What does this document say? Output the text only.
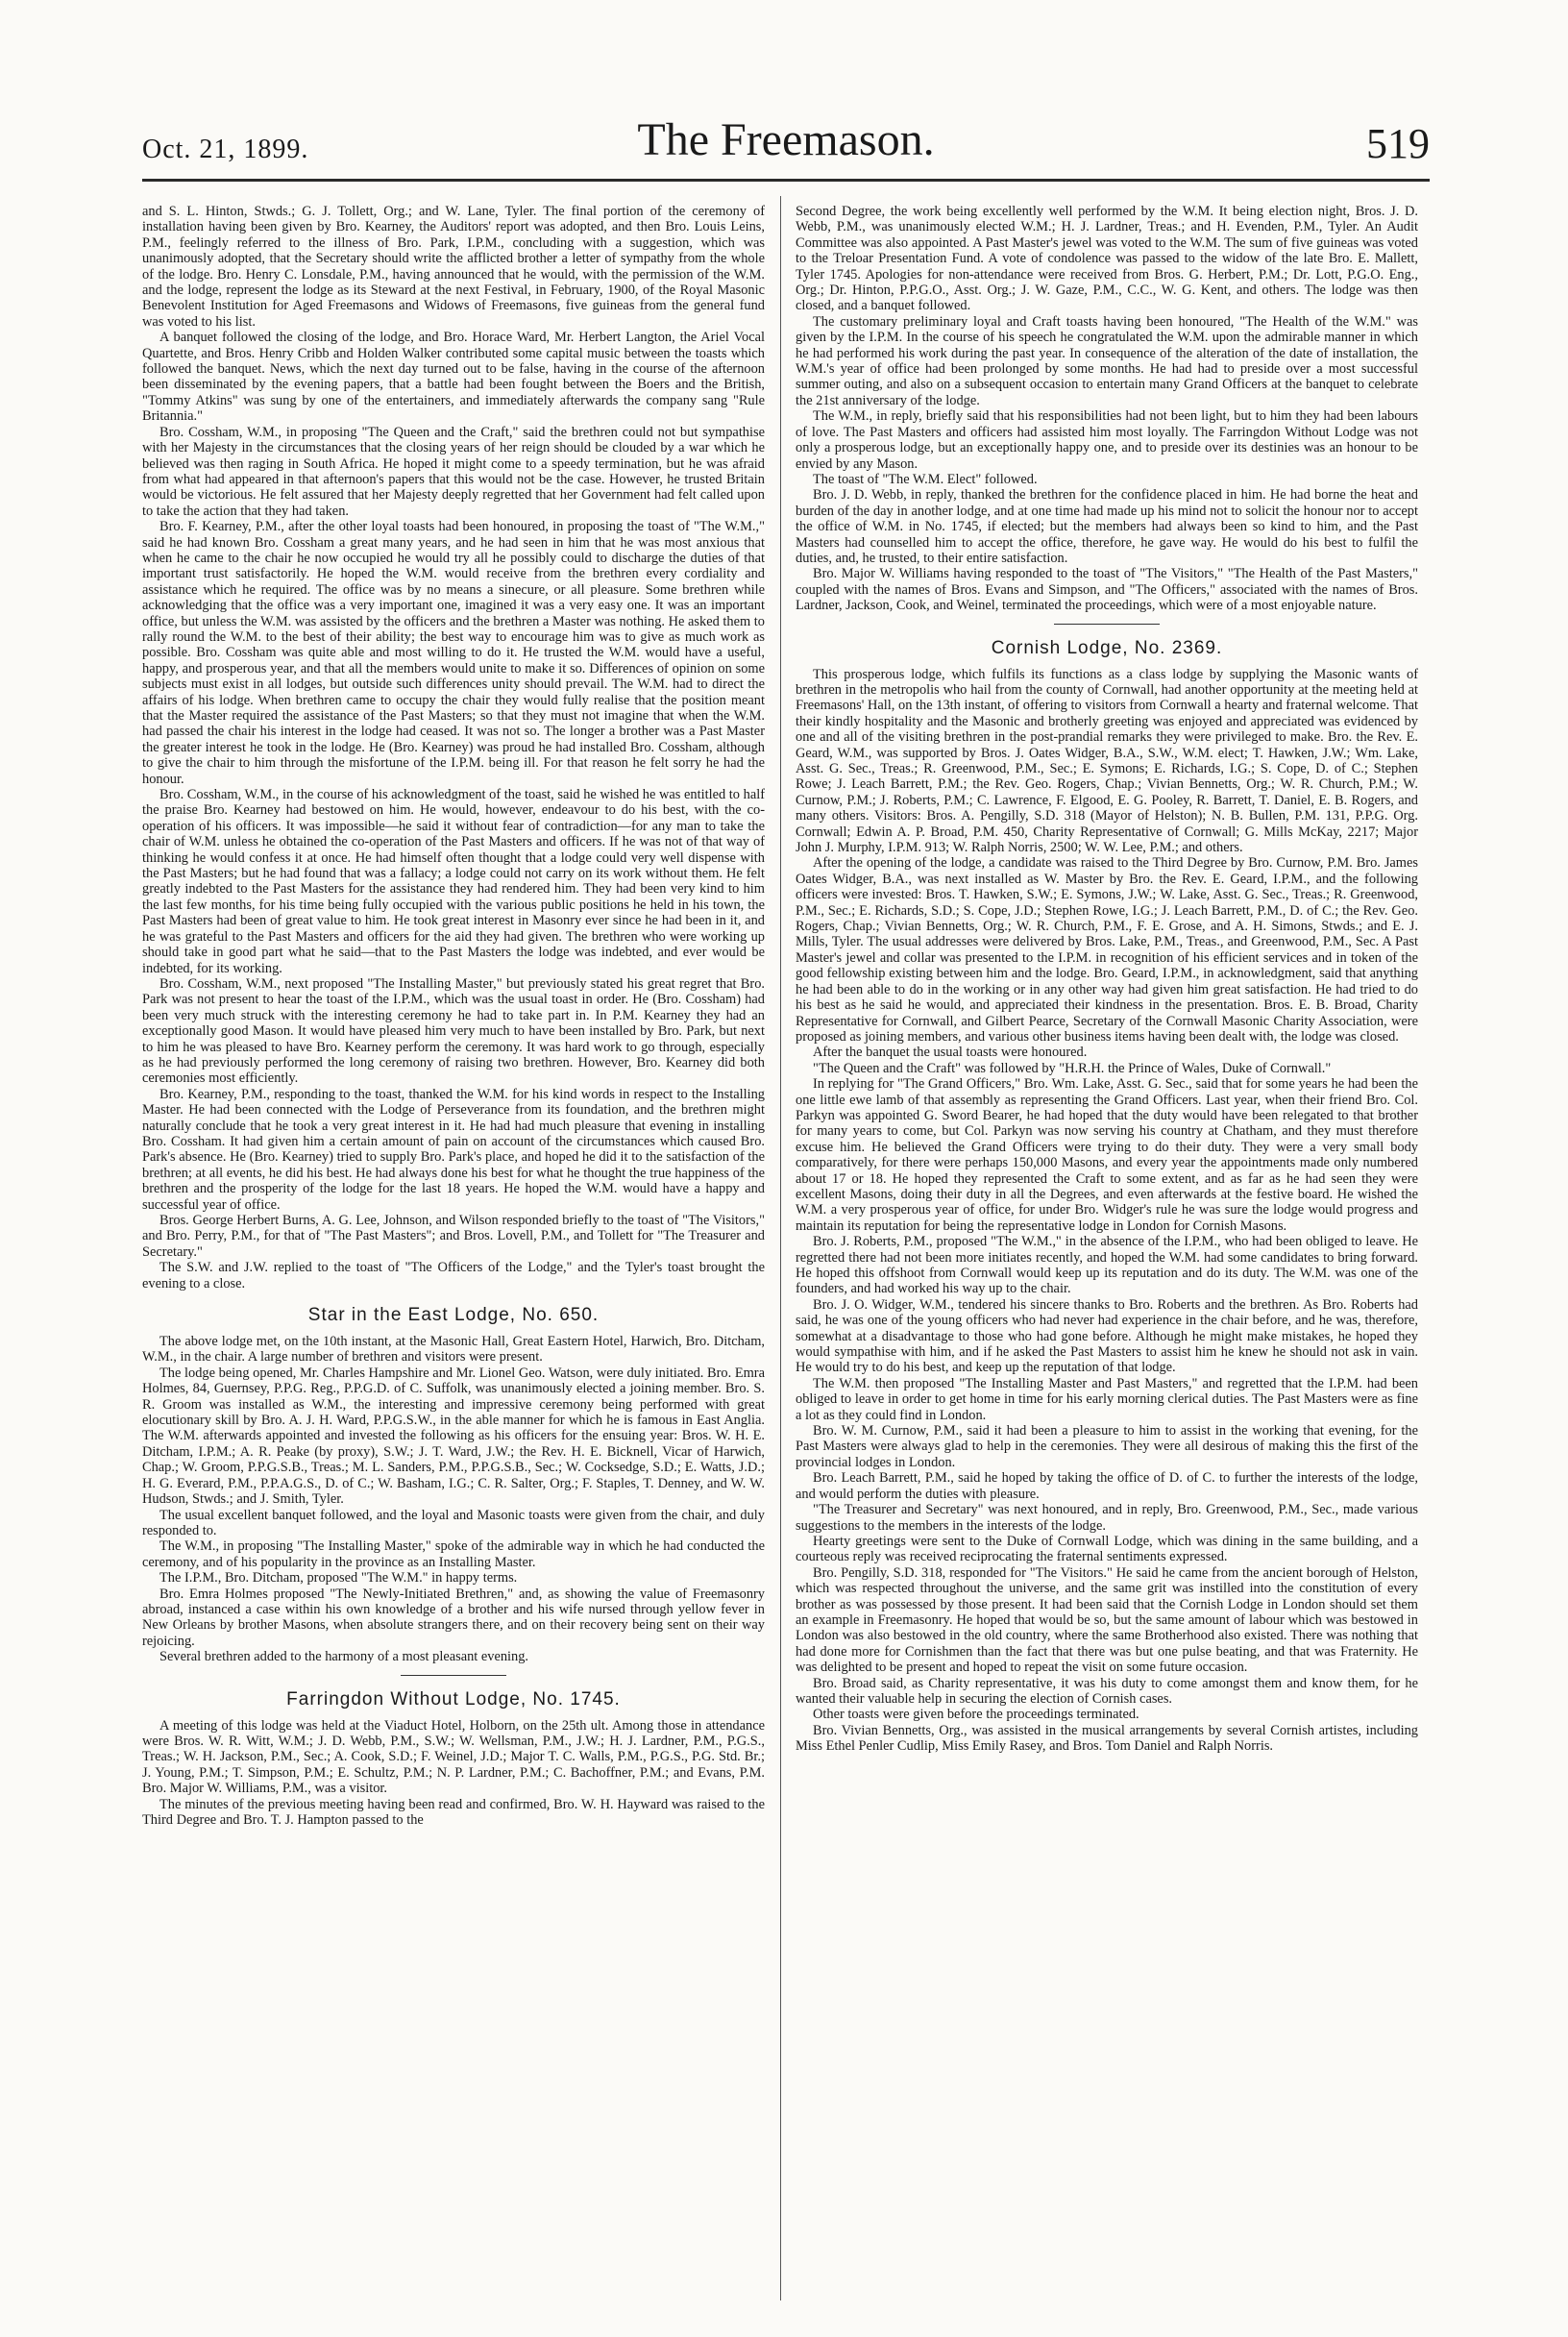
Oct. 21, 1899.	The Freemason.	519

and S. L. Hinton, Stwds.; G. J. Tollett, Org.; and W. Lane, Tyler. The final portion of the ceremony of installation having been given by Bro. Kearney, the Auditors' report was adopted, and then Bro. Louis Leins, P.M., feelingly referred to the illness of Bro. Park, I.P.M., concluding with a suggestion, which was unanimously adopted, that the Secretary should write the afflicted brother a letter of sympathy from the whole of the lodge. Bro. Henry C. Lonsdale, P.M., having announced that he would, with the permission of the W.M. and the lodge, represent the lodge as its Steward at the next Festival, in February, 1900, of the Royal Masonic Benevolent Institution for Aged Freemasons and Widows of Freemasons, five guineas from the general fund was voted to his list.

A banquet followed the closing of the lodge, and Bro. Horace Ward, Mr. Herbert Langton, the Ariel Vocal Quartette, and Bros. Henry Cribb and Holden Walker contributed some capital music between the toasts which followed the banquet. News, which the next day turned out to be false, having in the course of the afternoon been disseminated by the evening papers, that a battle had been fought between the Boers and the British, "Tommy Atkins" was sung by one of the entertainers, and immediately afterwards the company sang "Rule Britannia."

Bro. Cossham, W.M., in proposing "The Queen and the Craft," said the brethren could not but sympathise with her Majesty in the circumstances that the closing years of her reign should be clouded by a war which he believed was then raging in South Africa. He hoped it might come to a speedy termination, but he was afraid from what had appeared in that afternoon's papers that this would not be the case. However, he trusted Britain would be victorious. He felt assured that her Majesty deeply regretted that her Government had felt called upon to take the action that they had taken.

Bro. F. Kearney, P.M., after the other loyal toasts had been honoured, in proposing the toast of "The W.M.," said he had known Bro. Cossham a great many years, and he had seen in him that he was most anxious that when he came to the chair he now occupied he would try all he possibly could to discharge the duties of that important trust satisfactorily. He hoped the W.M. would receive from the brethren every cordiality and assistance which he required. The office was by no means a sinecure, or all pleasure. Some brethren while acknowledging that the office was a very important one, imagined it was a very easy one. It was an important office, but unless the W.M. was assisted by the officers and the brethren a Master was nothing. He asked them to rally round the W.M. to the best of their ability; the best way to encourage him was to give as much work as possible. Bro. Cossham was quite able and most willing to do it. He trusted the W.M. would have a useful, happy, and prosperous year, and that all the members would unite to make it so. Differences of opinion on some subjects must exist in all lodges, but outside such differences unity should prevail. The W.M. had to direct the affairs of his lodge. When brethren came to occupy the chair they would fully realise that the position meant that the Master required the assistance of the Past Masters; so that they must not imagine that when the W.M. had passed the chair his interest in the lodge had ceased. It was not so. The longer a brother was a Past Master the greater interest he took in the lodge. He (Bro. Kearney) was proud he had installed Bro. Cossham, although to give the chair to him through the misfortune of the I.P.M. being ill. For that reason he felt sorry he had the honour.

Bro. Cossham, W.M., in the course of his acknowledgment of the toast, said he wished he was entitled to half the praise Bro. Kearney had bestowed on him. He would, however, endeavour to do his best, with the co-operation of his officers. It was impossible—he said it without fear of contradiction—for any man to take the chair of W.M. unless he obtained the co-operation of the Past Masters and officers. If he was not of that way of thinking he would confess it at once. He had himself often thought that a lodge could very well dispense with the Past Masters; but he had found that was a fallacy; a lodge could not carry on its work without them. He felt greatly indebted to the Past Masters for the assistance they had rendered him. They had been very kind to him the last few months, for his time being fully occupied with the various public positions he held in his town, the Past Masters had been of great value to him. He took great interest in Masonry ever since he had been in it, and he was grateful to the Past Masters and officers for the aid they had given. The brethren who were working up should take in good part what he said—that to the Past Masters the lodge was indebted, and ever would be indebted, for its working.

Bro. Cossham, W.M., next proposed "The Installing Master," but previously stated his great regret that Bro. Park was not present to hear the toast of the I.P.M., which was the usual toast in order. He (Bro. Cossham) had been very much struck with the interesting ceremony he had to take part in. In P.M. Kearney they had an exceptionally good Mason. It would have pleased him very much to have been installed by Bro. Park, but next to him he was pleased to have Bro. Kearney perform the ceremony. It was hard work to go through, especially as he had previously performed the long ceremony of raising two brethren. However, Bro. Kearney did both ceremonies most efficiently.

Bro. Kearney, P.M., responding to the toast, thanked the W.M. for his kind words in respect to the Installing Master. He had been connected with the Lodge of Perseverance from its foundation, and the brethren might naturally conclude that he took a very great interest in it. He had had much pleasure that evening in installing Bro. Cossham. It had given him a certain amount of pain on account of the circumstances which caused Bro. Park's absence. He (Bro. Kearney) tried to supply Bro. Park's place, and hoped he did it to the satisfaction of the brethren; at all events, he did his best. He had always done his best for what he thought the true happiness of the brethren and the prosperity of the lodge for the last 18 years. He hoped the W.M. would have a happy and successful year of office.

Bros. George Herbert Burns, A. G. Lee, Johnson, and Wilson responded briefly to the toast of "The Visitors," and Bro. Perry, P.M., for that of "The Past Masters"; and Bros. Lovell, P.M., and Tollett for "The Treasurer and Secretary."

The S.W. and J.W. replied to the toast of "The Officers of the Lodge," and the Tyler's toast brought the evening to a close.

Star in the East Lodge, No. 650.

The above lodge met, on the 10th instant, at the Masonic Hall, Great Eastern Hotel, Harwich, Bro. Ditcham, W.M., in the chair. A large number of brethren and visitors were present.

The lodge being opened, Mr. Charles Hampshire and Mr. Lionel Geo. Watson, were duly initiated. Bro. Emra Holmes, 84, Guernsey, P.P.G. Reg., P.P.G.D. of C. Suffolk, was unanimously elected a joining member. Bro. S. R. Groom was installed as W.M., the interesting and impressive ceremony being performed with great elocutionary skill by Bro. A. J. H. Ward, P.P.G.S.W., in the able manner for which he is famous in East Anglia. The W.M. afterwards appointed and invested the following as his officers for the ensuing year: Bros. W. H. E. Ditcham, I.P.M.; A. R. Peake (by proxy), S.W.; J. T. Ward, J.W.; the Rev. H. E. Bicknell, Vicar of Harwich, Chap.; W. Groom, P.P.G.S.B., Treas.; M. L. Sanders, P.M., P.P.G.S.B., Sec.; W. Cocksedge, S.D.; E. Watts, J.D.; H. G. Everard, P.M., P.P.A.G.S., D. of C.; W. Basham, I.G.; C. R. Salter, Org.; F. Staples, T. Denney, and W. W. Hudson, Stwds.; and J. Smith, Tyler.

The usual excellent banquet followed, and the loyal and Masonic toasts were given from the chair, and duly responded to.

The W.M., in proposing "The Installing Master," spoke of the admirable way in which he had conducted the ceremony, and of his popularity in the province as an Installing Master.

The I.P.M., Bro. Ditcham, proposed "The W.M." in happy terms.

Bro. Emra Holmes proposed "The Newly-Initiated Brethren," and, as showing the value of Freemasonry abroad, instanced a case within his own knowledge of a brother and his wife nursed through yellow fever in New Orleans by brother Masons, when absolute strangers there, and on their recovery being sent on their way rejoicing.

Several brethren added to the harmony of a most pleasant evening.

Farringdon Without Lodge, No. 1745.

A meeting of this lodge was held at the Viaduct Hotel, Holborn, on the 25th ult. Among those in attendance were Bros. W. R. Witt, W.M.; J. D. Webb, P.M., S.W.; W. Wellsman, P.M., J.W.; H. J. Lardner, P.M., P.G.S., Treas.; W. H. Jackson, P.M., Sec.; A. Cook, S.D.; F. Weinel, J.D.; Major T. C. Walls, P.M., P.G.S., P.G. Std. Br.; J. Young, P.M.; T. Simpson, P.M.; E. Schultz, P.M.; N. P. Lardner, P.M.; C. Bachoffner, P.M.; and Evans, P.M. Bro. Major W. Williams, P.M., was a visitor.

The minutes of the previous meeting having been read and confirmed, Bro. W. H. Hayward was raised to the Third Degree and Bro. T. J. Hampton passed to the

Second Degree, the work being excellently well performed by the W.M. It being election night, Bros. J. D. Webb, P.M., was unanimously elected W.M.; H. J. Lardner, Treas.; and H. Evenden, P.M., Tyler. An Audit Committee was also appointed. A Past Master's jewel was voted to the W.M. The sum of five guineas was voted to the Treloar Presentation Fund. A vote of condolence was passed to the widow of the late Bro. E. Mallett, Tyler 1745. Apologies for non-attendance were received from Bros. G. Herbert, P.M.; Dr. Lott, P.G.O. Eng., Org.; Dr. Hinton, P.P.G.O., Asst. Org.; J. W. Gaze, P.M., C.C., W. G. Kent, and others. The lodge was then closed, and a banquet followed.

The customary preliminary loyal and Craft toasts having been honoured, "The Health of the W.M." was given by the I.P.M. In the course of his speech he congratulated the W.M. upon the admirable manner in which he had performed his work during the past year. In consequence of the alteration of the date of installation, the W.M.'s year of office had been prolonged by some months. He had had to preside over a most successful summer outing, and also on a subsequent occasion to entertain many Grand Officers at the banquet to celebrate the 21st anniversary of the lodge.

The W.M., in reply, briefly said that his responsibilities had not been light, but to him they had been labours of love. The Past Masters and officers had assisted him most loyally. The Farringdon Without Lodge was not only a prosperous lodge, but an exceptionally happy one, and to preside over its destinies was an honour to be envied by any Mason.

The toast of "The W.M. Elect" followed.

Bro. J. D. Webb, in reply, thanked the brethren for the confidence placed in him. He had borne the heat and burden of the day in another lodge, and at one time had made up his mind not to solicit the honour nor to accept the office of W.M. in No. 1745, if elected; but the members had always been so kind to him, and the Past Masters had counselled him to accept the office, therefore, he gave way. He would do his best to fulfil the duties, and, he trusted, to their entire satisfaction.

Bro. Major W. Williams having responded to the toast of "The Visitors," "The Health of the Past Masters," coupled with the names of Bros. Evans and Simpson, and "The Officers," associated with the names of Bros. Lardner, Jackson, Cook, and Weinel, terminated the proceedings, which were of a most enjoyable nature.

Cornish Lodge, No. 2369.

This prosperous lodge, which fulfils its functions as a class lodge by supplying the Masonic wants of brethren in the metropolis who hail from the county of Cornwall, had another opportunity at the meeting held at Freemasons' Hall, on the 13th instant, of offering to visitors from Cornwall a hearty and fraternal welcome. That their kindly hospitality and the Masonic and brotherly greeting was enjoyed and appreciated was evidenced by one and all of the visiting brethren in the post-prandial remarks they were privileged to make. Bro. the Rev. E. Geard, W.M., was supported by Bros. J. Oates Widger, B.A., S.W., W.M. elect; T. Hawken, J.W.; Wm. Lake, Asst. G. Sec., Treas.; R. Greenwood, P.M., Sec.; E. Symons; E. Richards, I.G.; S. Cope, D. of C.; Stephen Rowe; J. Leach Barrett, P.M.; the Rev. Geo. Rogers, Chap.; Vivian Bennetts, Org.; W. R. Church, P.M.; W. Curnow, P.M.; J. Roberts, P.M.; C. Lawrence, F. Elgood, E. G. Pooley, R. Barrett, T. Daniel, E. B. Rogers, and many others. Visitors: Bros. A. Pengilly, S.D. 318 (Mayor of Helston); N. B. Bullen, P.M. 131, P.P.G. Org. Cornwall; Edwin A. P. Broad, P.M. 450, Charity Representative of Cornwall; G. Mills McKay, 2217; Major John J. Murphy, I.P.M. 913; W. Ralph Norris, 2500; W. W. Lee, P.M.; and others.

After the opening of the lodge, a candidate was raised to the Third Degree by Bro. Curnow, P.M. Bro. James Oates Widger, B.A., was next installed as W. Master by Bro. the Rev. E. Geard, I.P.M., and the following officers were invested: Bros. T. Hawken, S.W.; E. Symons, J.W.; W. Lake, Asst. G. Sec., Treas.; R. Greenwood, P.M., Sec.; E. Richards, S.D.; S. Cope, J.D.; Stephen Rowe, I.G.; J. Leach Barrett, P.M., D. of C.; the Rev. Geo. Rogers, Chap.; Vivian Bennetts, Org.; W. R. Church, P.M., F. E. Grose, and A. H. Simons, Stwds.; and E. J. Mills, Tyler. The usual addresses were delivered by Bros. Lake, P.M., Treas., and Greenwood, P.M., Sec. A Past Master's jewel and collar was presented to the I.P.M. in recognition of his efficient services and in token of the good fellowship existing between him and the lodge. Bro. Geard, I.P.M., in acknowledgment, said that anything he had been able to do in the working or in any other way had given him great satisfaction. He had tried to do his best as he said he would, and appreciated their kindness in the presentation. Bros. E. B. Broad, Charity Representative for Cornwall, and Gilbert Pearce, Secretary of the Cornwall Masonic Charity Association, were proposed as joining members, and various other business items having been dealt with, the lodge was closed.

After the banquet the usual toasts were honoured.

"The Queen and the Craft" was followed by "H.R.H. the Prince of Wales, Duke of Cornwall."

In replying for "The Grand Officers," Bro. Wm. Lake, Asst. G. Sec., said that for some years he had been the one little ewe lamb of that assembly as representing the Grand Officers. Last year, when their friend Bro. Col. Parkyn was appointed G. Sword Bearer, he had hoped that the duty would have been relegated to that brother for many years to come, but Col. Parkyn was now serving his country at Chatham, and they must therefore excuse him. He believed the Grand Officers were trying to do their duty. They were a very small body comparatively, for there were perhaps 150,000 Masons, and every year the appointments made only numbered about 17 or 18. He hoped they represented the Craft to some extent, and as far as he had seen they were excellent Masons, doing their duty in all the Degrees, and even afterwards at the festive board. He wished the W.M. a very prosperous year of office, for under Bro. Widger's rule he was sure the lodge would progress and maintain its reputation for being the representative lodge in London for Cornish Masons.

Bro. J. Roberts, P.M., proposed "The W.M.," in the absence of the I.P.M., who had been obliged to leave. He regretted there had not been more initiates recently, and hoped the W.M. had some candidates to bring forward. He hoped this offshoot from Cornwall would keep up its reputation and do its duty. The W.M. was one of the founders, and had worked his way up to the chair.

Bro. J. O. Widger, W.M., tendered his sincere thanks to Bro. Roberts and the brethren. As Bro. Roberts had said, he was one of the young officers who had never had experience in the chair before, and he was, therefore, somewhat at a disadvantage to those who had gone before. Although he might make mistakes, he hoped they would sympathise with him, and if he asked the Past Masters to assist him he knew he should not ask in vain. He would try to do his best, and keep up the reputation of that lodge.

The W.M. then proposed "The Installing Master and Past Masters," and regretted that the I.P.M. had been obliged to leave in order to get home in time for his early morning clerical duties. The Past Masters were as fine a lot as they could find in London.

Bro. W. M. Curnow, P.M., said it had been a pleasure to him to assist in the working that evening, for the Past Masters were always glad to help in the ceremonies. They were all desirous of making this the first of the provincial lodges in London.

Bro. Leach Barrett, P.M., said he hoped by taking the office of D. of C. to further the interests of the lodge, and would perform the duties with pleasure.

"The Treasurer and Secretary" was next honoured, and in reply, Bro. Greenwood, P.M., Sec., made various suggestions to the members in the interests of the lodge.

Hearty greetings were sent to the Duke of Cornwall Lodge, which was dining in the same building, and a courteous reply was received reciprocating the fraternal sentiments expressed.

Bro. Pengilly, S.D. 318, responded for "The Visitors." He said he came from the ancient borough of Helston, which was respected throughout the universe, and the same grit was instilled into the constitution of every brother as was possessed by those present. It had been said that the Cornish Lodge in London should set them an example in Freemasonry. He hoped that would be so, but the same amount of labour which was bestowed in London was also bestowed in the old country, where the same Brotherhood also existed. There was nothing that had done more for Cornishmen than the fact that there was but one pulse beating, and that was Fraternity. He was delighted to be present and hoped to repeat the visit on some future occasion.

Bro. Broad said, as Charity representative, it was his duty to come amongst them and know them, for he wanted their valuable help in securing the election of Cornish cases.

Other toasts were given before the proceedings terminated.

Bro. Vivian Bennetts, Org., was assisted in the musical arrangements by several Cornish artistes, including Miss Ethel Penler Cudlip, Miss Emily Rasey, and Bros. Tom Daniel and Ralph Norris.
